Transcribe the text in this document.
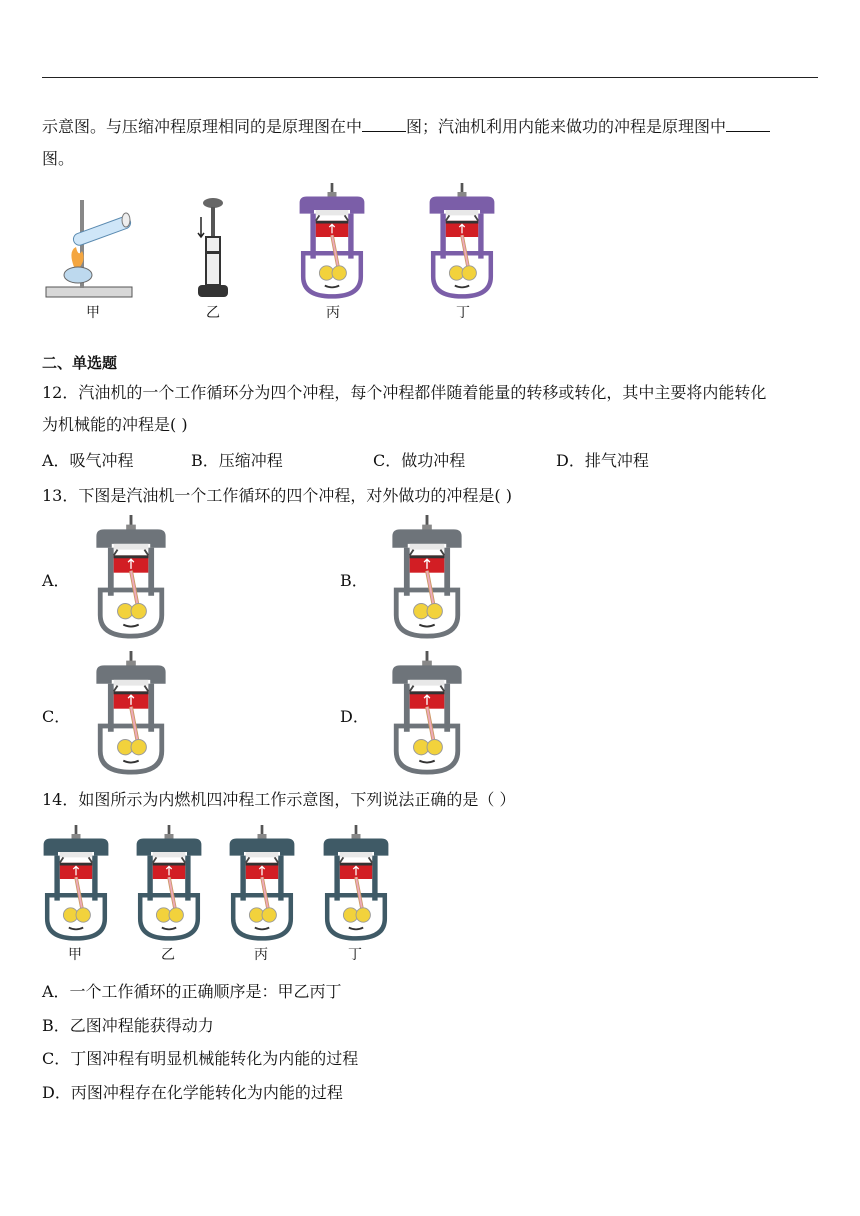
示意图。与压缩冲程原理相同的是原理图在中	图；汽油机利用内能来做功的冲程是原理图中
图。
甲	乙	丙	丁
二、单选题
12．汽油机的一个工作循环分为四个冲程，每个冲程都伴随着能量的转移或转化，其中主要将内能转化
为机械能的冲程是( )
A．吸气冲程	B．压缩冲程	C．做功冲程	D．排气冲程
13．下图是汽油机一个工作循环的四个冲程，对外做功的冲程是( )
A．	B．
C．	D．
14．如图所示为内燃机四冲程工作示意图，下列说法正确的是（ ）
甲	乙	丙	丁
A．一个工作循环的正确顺序是：甲乙丙丁
B．乙图冲程能获得动力
C．丁图冲程有明显机械能转化为内能的过程
D．丙图冲程存在化学能转化为内能的过程
